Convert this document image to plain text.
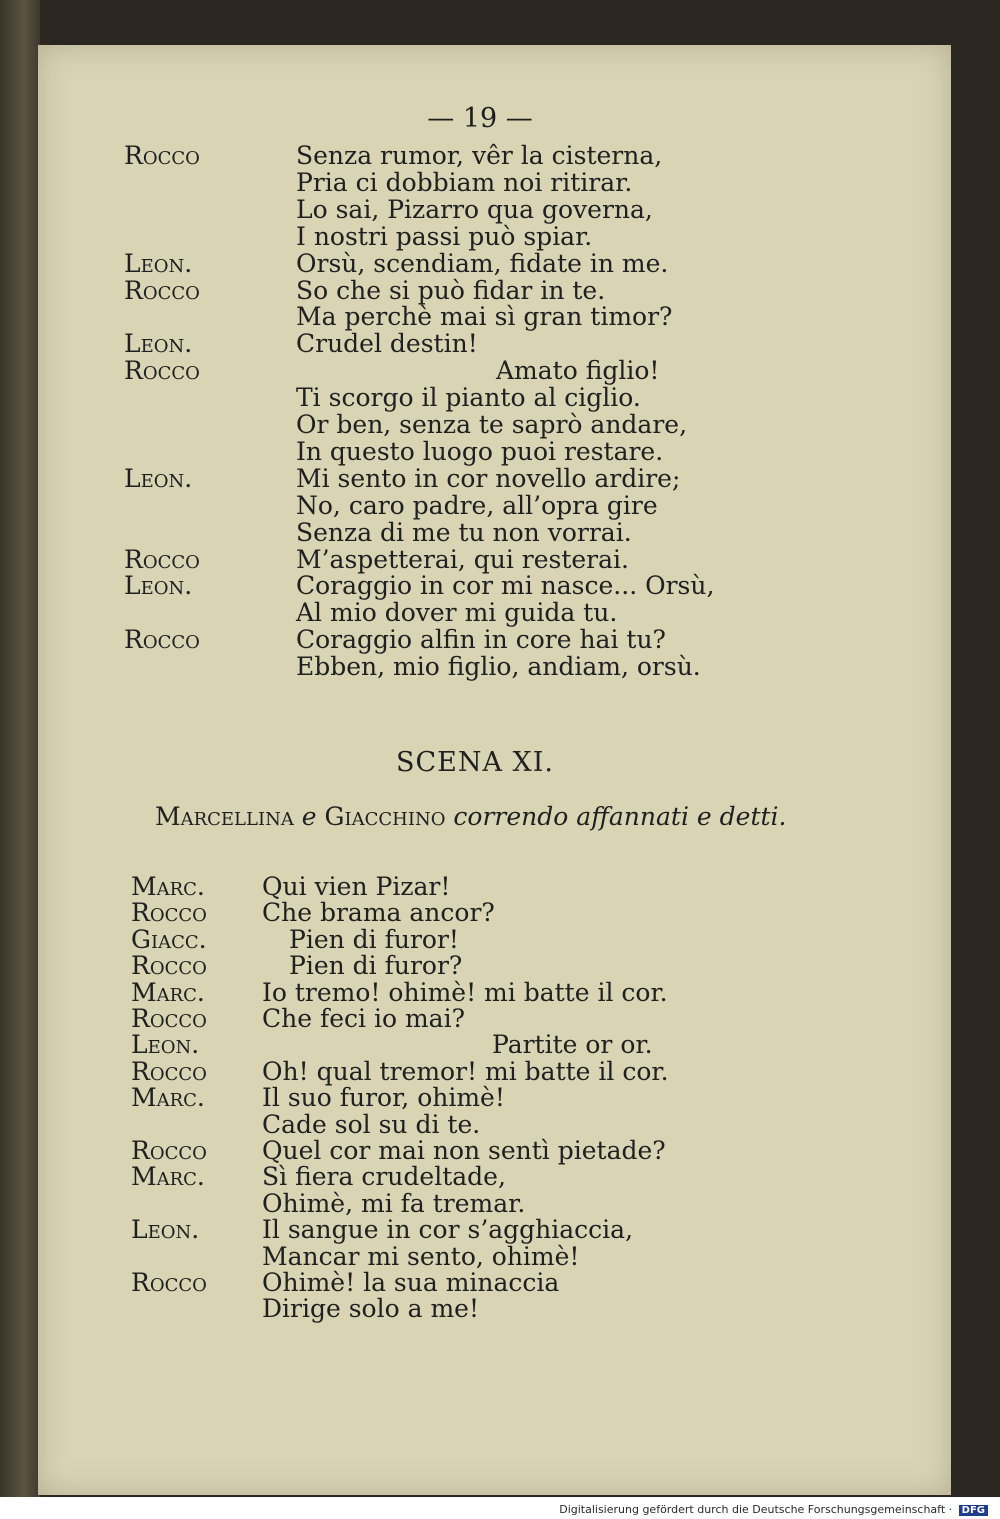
— 19 —
Rocco	Senza rumor, vêr la cisterna,
Pria ci dobbiam noi ritirar.
Lo sai, Pizarro qua governa,
I nostri passi può spiar.
Leon.	Orsù, scendiam, fidate in me.
Rocco	So che si può fidar in te.
Ma perchè mai sì gran timor?
Leon.	Crudel destin!
Rocco	Amato figlio!
Ti scorgo il pianto al ciglio.
Or ben, senza te saprò andare,
In questo luogo puoi restare.
Leon.	Mi sento in cor novello ardire;
No, caro padre, all’opra gire
Senza di me tu non vorrai.
Rocco	M’aspetterai, qui resterai.
Leon.	Coraggio in cor mi nasce... Orsù,
Al mio dover mi guida tu.
Rocco	Coraggio alfin in core hai tu?
Ebben, mio figlio, andiam, orsù.
SCENA XI.
Marcellina e Giacchino correndo affannati e detti.
Marc. Qui vien Pizar!
Rocco Che brama ancor?
Giacc.	Pien di furor!
Rocco	Pien di furor?
Marc. Io tremo! ohimè! mi batte il cor.
Rocco Che feci io mai?
Leon.	Partite or or.
Rocco Oh! qual tremor! mi batte il cor.
Marc. Il suo furor, ohimè!
Cade sol su di te.
Rocco Quel cor mai non sentì pietade?
Marc. Sì fiera crudeltade,
Ohimè, mi fa tremar.
Leon.	Il sangue in cor s’agghiaccia,
Mancar mi sento, ohimè!
Rocco Ohimè! la sua minaccia
Dirige solo a me!
Digitalisierung gefördert durch die Deutsche Forschungsgemeinschaft · DFG
